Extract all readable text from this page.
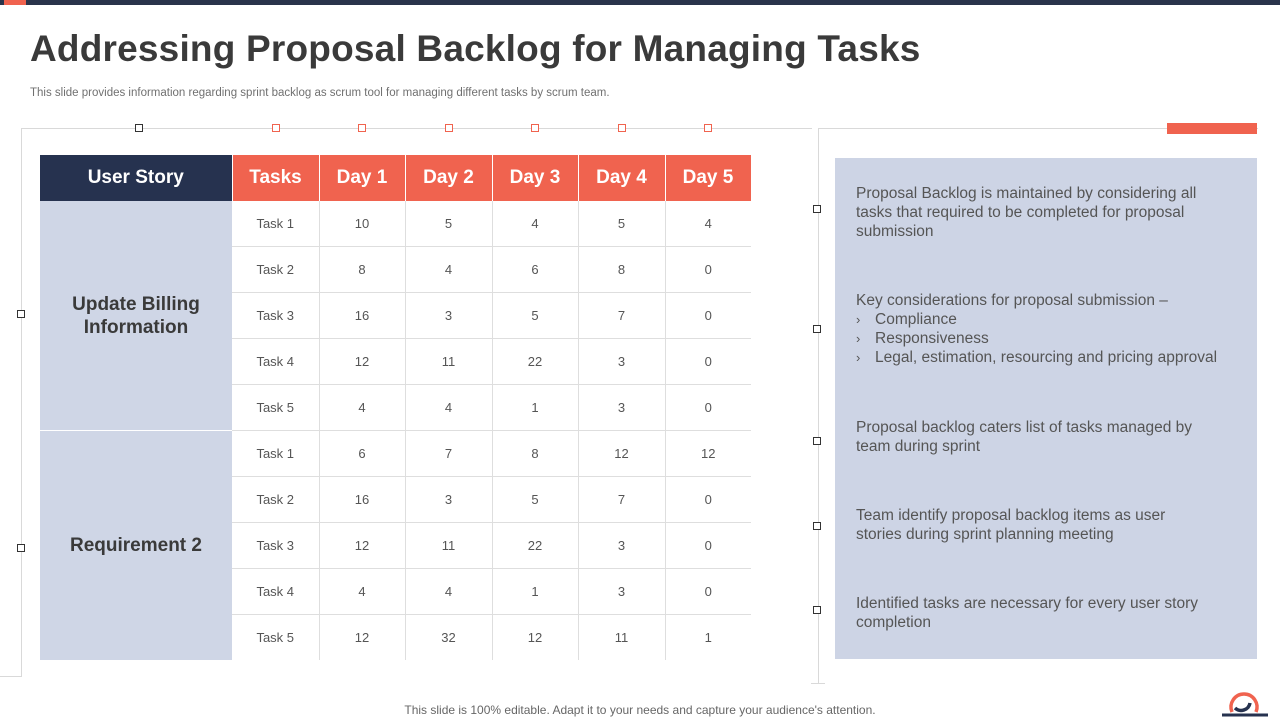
Addressing Proposal Backlog for Managing Tasks
This slide provides information regarding sprint backlog as scrum tool for managing different tasks by scrum team.
User Story	Tasks	Day 1	Day 2	Day 3	Day 4	Day 5

Update Billing Information	Task 1	10	5	4	5	4
	Task 2	8	4	6	8	0
	Task 3	16	3	5	7	0
	Task 4	12	11	22	3	0
	Task 5	4	4	1	3	0

Requirement 2	Task 1	6	7	8	12	12
	Task 2	16	3	5	7	0
	Task 3	12	11	22	3	0
	Task 4	4	4	1	3	0
	Task 5	12	32	12	11	1
Proposal Backlog is maintained by considering all tasks that required to be completed for proposal submission
Key considerations for proposal submission –
› Compliance
› Responsiveness
› Legal, estimation, resourcing and pricing approval
Proposal backlog caters list of tasks managed by team during sprint
Team identify proposal backlog items as user stories during sprint planning meeting
Identified tasks are necessary for every user story completion
This slide is 100% editable. Adapt it to your needs and capture your audience's attention.
